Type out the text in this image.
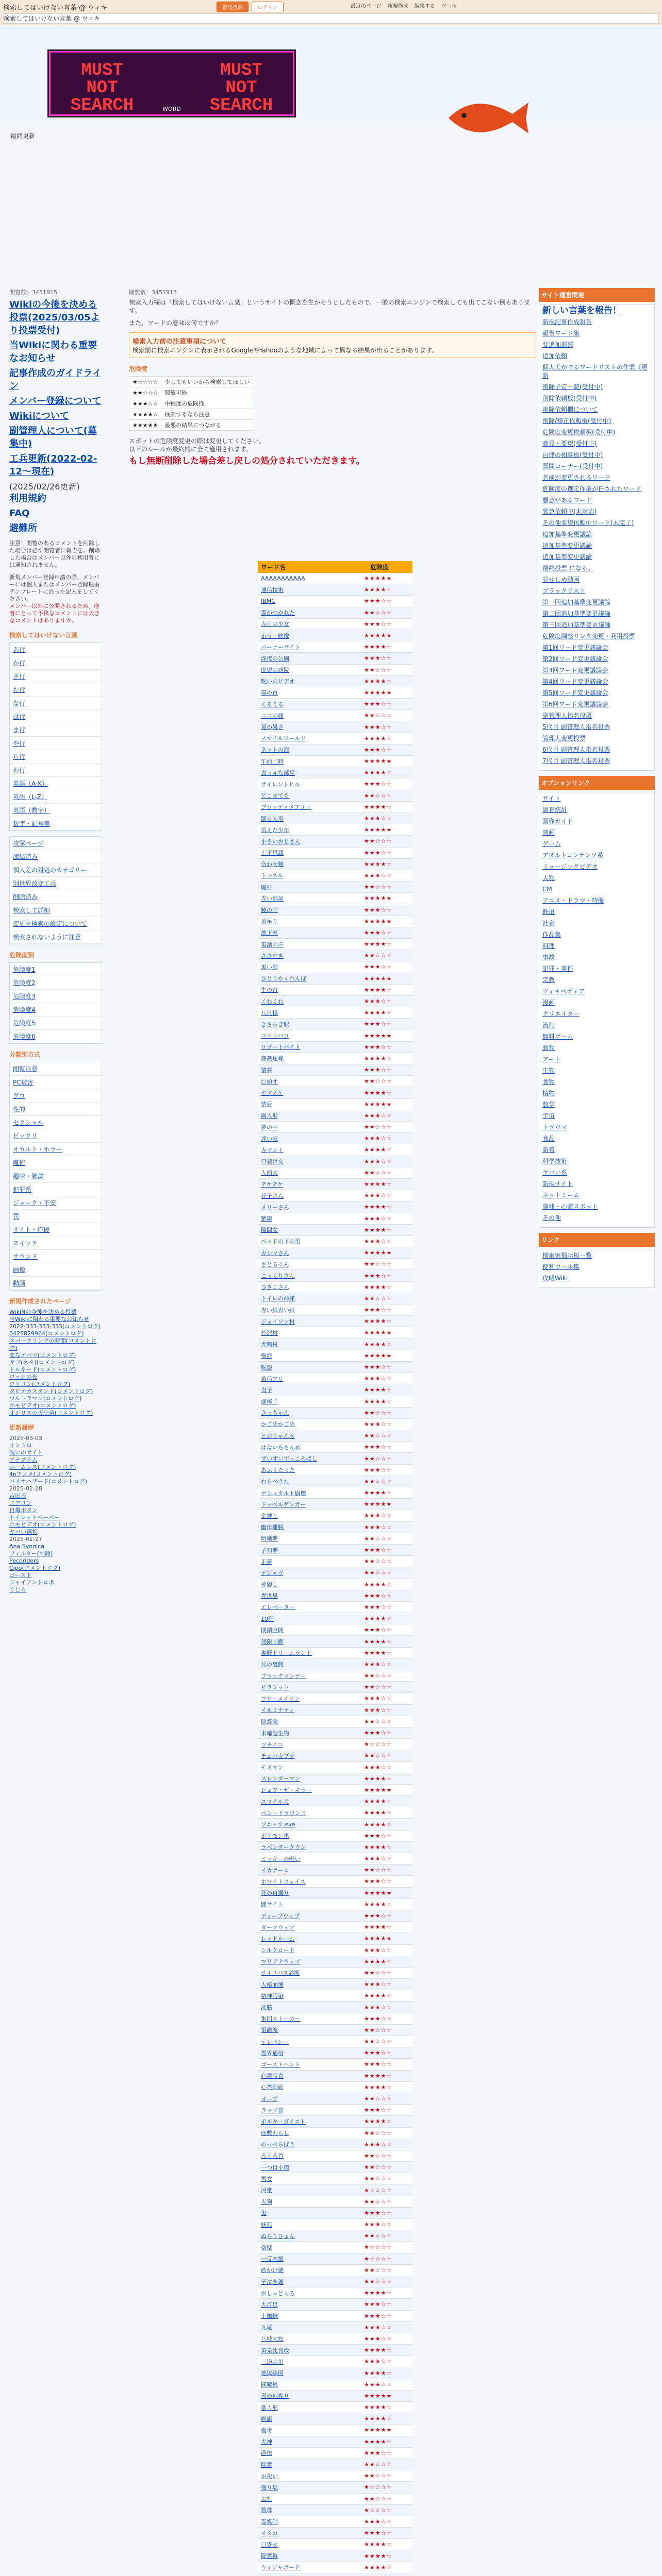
検索してはいけない言葉 @ ウィキ	新規登録	ログイン	最近のページ 新規作成 編集する ツール
検索してはいけない言葉 @ ウィキ
MUST NOT SEARCH
MUST NOT SEARCH
WORD
最終更新
閲覧数：3451915
Wikiの今後を決める投票(2025/03/05より投票受付)
当Wikiに関わる重要なお知らせ
記事作成のガイドライン
メンバー登録について
Wikiについて
副管理人について(募集中)
工兵更新(2022-02-12～現在)
(2025/02/26更新)
利用規約
FAQ
避難所
注意！閲覧のあるコメントを削除した場合は必ず閲覧者に報告を。削除した場合はメンバー以外の利用者には通知されません。
新規メンバー登録申請の際、メンバーには個人またはメンバー登録理由テンプレートに沿った記入をしてください。
メンバー以外に公開されるため、他者にとって不快なコメントには大きなコメントはありますか。
検索してはいけない言葉
あ行
か行
さ行
た行
な行
は行
ま行
や行
ら行
わ行
英語（A-K）
英語（L-Z）
英語（数字）
数字・記号等
攻撃ページ
凍結済み
個人差の対処のカテゴリー
別世界改変工兵
削除済み
検索して詳細
変更を検索の設定について
検索されないように注意
危険度別
危険度1
危険度2
危険度3
危険度4
危険度5
危険度6
分類別方式
閲覧注意
PC被害
グロ
性的
セクシャル
ビックリ
オカルト・ホラー
魔術
趣味・雑談
犯罪系
ジョーク・不安
罠
サイト・応援
スイッチ
サウンド
画像
動画
新規作成されたページ
WikiNの今後を決める投票
当Wikiに関わる重要なお知らせ
2022-333-333-333(コメントログ)
0425829964(コメントログ)
スパークリングの時間(コメントログ)
変なオバマ(コメントログ)
サブ(ネタ)(コメントログ)
トルネード(コメントログ)
ロッシの夜
ロリコン(コメントログ)
タピオカスタンド(コメントログ)
ウルトラマン(コメントログ)
ホモビデオ(コメントログ)
オシリスの天空竜(コメントログ)
更新履歴
2025-03-03
イントロ
呪いのサイト
アナグラム
ホームレス(コメントログ)
4nアニメ(コメントログ)
バイオハザード(コメントログ)
2025-02-28
吉田氏
エアコン
自爆ボタン
トイレットペーパー
ホモビデオ(コメントログ)
ヤバい選択
2025-02-27
Ana Synnica
フィルター(削除)
Pecoriders
Cipo(コメントログ)
ゴースト
ジャイアントロボ
くじら
閲覧数：3451915

検索入力欄は「検索してはいけない言葉」というサイトの概念を生かそうとしたもので、一般の検索エンジンで検索しても出てこない例もあります。

また、ワードの意味は何ですか？

検索入力前の注意事項について
検索前に検索エンジンに表示されるGoogleやYahooのような地域によって異なる結果が出ることがあります。
危険度
★☆☆☆☆	少しでもいいから検索してほしい
★★☆☆☆	閲覧可能
★★★☆☆	中程度の危険性
★★★★☆	検索するなら注意
★★★★★	最悪の結果につながる
スポットの危険度変更の際は変更してください。
以下のルールが最終的に全て適用されます。
もし無断削除した場合差し戻しの処分されていただきます。
ワード名	危険度
AAAAAAAAAAA	★★★★★
通信技術	★★★★☆
IBMC	★★★☆☆
霊がつかれた	★★☆☆☆
赤目の少女	★★★☆☆
ホラー映像	★★★★★
バーナーサイト	★★★★☆
深夜の公園	★★★☆☆
廃墟の病院	★★☆☆☆
呪いのビデオ	★★★★☆
猫の首	★★★★★
くるくる	★★★☆☆
ニコの顔	★★☆☆☆
夏の暑さ	★★★☆☆
スマイルワールド	★★★★☆
ネットの海	★★★☆☆
午前二時	★★★★★
真っ赤な部屋	★★★★☆
サイレントヒル	★★★☆☆
どこまでも	★★☆☆☆
ブラッディメアリー	★★★★☆
踊る人形	★★★☆☆
消えた少年	★★★★★
小さいおじさん	★★☆☆☆
七不思議	★★★☆☆
合わせ鏡	★★★★☆
トンネル	★★★☆☆
廃村	★★☆☆☆
赤い部屋	★★★★★
鏡の中	★★★☆☆
首吊り	★★★★★
地下室	★★★☆☆
電話の声	★★★★☆
ささやき	★★☆☆☆
黒い影	★★★☆☆
ひとりかくれんぼ	★★★★★
牛の首	★★★★☆
くねくね	★★★☆☆
八尺様	★★★★☆
きさらぎ駅	★★★☆☆
コトリバコ	★★★★★
リゾートバイト	★★★☆☆
姦姦蛇螺	★★★★☆
猿夢	★★★☆☆
巨頭オ	★★☆☆☆
ヤマノケ	★★★★☆
禁后	★★★★★
渦人形	★★★☆☆
夢の中	★★☆☆☆
迷い家	★★★☆☆
赤マント	★★★★☆
口裂け女	★★★☆☆
人面犬	★★☆☆☆
テケテケ	★★★★☆
花子さん	★★★☆☆
メリーさん	★★★★☆
紫鏡	★★★☆☆
隙間女	★★★★☆
ベッドの下の男	★★★☆☆
カシマさん	★★★★★
さとるくん	★★☆☆☆
こっくりさん	★★★☆☆
ひきこさん	★★★★☆
トイレの神様	★★☆☆☆
赤い紙青い紙	★★★☆☆
ジェイソン村	★★★★☆
杉沢村	★★★★★
犬鳴村	★★★★☆
樹海	★★★★★
呪怨	★★★☆☆
着信アリ	★★★☆☆
貞子	★★★★☆
伽椰子	★★★★☆
さっちゃん	★★☆☆☆
かごめかごめ	★★★☆☆
とおりゃんせ	★★☆☆☆
はないちもんめ	★★★☆☆
ずいずいずっころばし	★★☆☆☆
あぶくたった	★★★☆☆
わらべうた	★★☆☆☆
ゲシュタルト崩壊	★★★★☆
ドッペルゲンガー	★★★★★
金縛り	★★★☆☆
幽体離脱	★★★☆☆
明晰夢	★★☆☆☆
予知夢	★★★☆☆
正夢	★★☆☆☆
デジャヴ	★★☆☆☆
神隠し	★★★★☆
異世界	★★★☆☆
エレベーター	★★★☆☆
10階	★★★★☆
閉鎖空間	★★★☆☆
無限回廊	★★★★☆
裏野ドリームランド	★★★★☆
月の裏側	★★★☆☆
ブラックマンデー	★★☆☆☆
ピラミッド	★★☆☆☆
フリーメイソン	★★★☆☆
イルミナティ	★★★☆☆
陰謀論	★★☆☆☆
未確認生物	★★★☆☆
ツチノコ	★☆☆☆☆
チュパカブラ	★★☆☆☆
モスマン	★★★☆☆
スレンダーマン	★★★★☆
ジェフ・ザ・キラー	★★★★★
スマイル犬	★★★★☆
ベン・ドラウンド	★★★★☆
ソニック.exe	★★★★☆
ポケモン黒	★★★☆☆
ラベンダータウン	★★★★☆
ミッキーの呪い	★★★☆☆
イカゲーム	★★☆☆☆
ホワイトフェイス	★★★☆☆
死の自撮り	★★★★★
闇サイト	★★★★☆
ディープウェブ	★★★☆☆
ダークウェブ	★★★★☆
レッドルーム	★★★★★
シルクロード	★★★☆☆
マリアナウェブ	★★★★☆
サイコパス診断	★★☆☆☆
人格崩壊	★★★☆☆
精神汚染	★★★★☆
洗脳	★★★☆☆
集団ストーカー	★★★☆☆
電磁波	★★☆☆☆
テレパシー	★★☆☆☆
霊界通信	★★★☆☆
ゴーストハント	★★★☆☆
心霊写真	★★★★☆
心霊動画	★★★★☆
オーブ	★★☆☆☆
ラップ音	★★★☆☆
ポルターガイスト	★★★★☆
座敷わらし	★★☆☆☆
のっぺらぼう	★★★☆☆
ろくろ首	★★☆☆☆
一つ目小僧	★★☆☆☆
雪女	★★☆☆☆
河童	★☆☆☆☆
天狗	★★☆☆☆
鬼	★★★☆☆
妖狐	★★★☆☆
ぬらりひょん	★★☆☆☆
塗壁	★☆☆☆☆
一反木綿	★☆☆☆☆
砂かけ婆	★★☆☆☆
子泣き爺	★★☆☆☆
がしゃどくろ	★★★★☆
大百足	★★★☆☆
土蜘蛛	★★★☆☆
九尾	★★★☆☆
八岐大蛇	★★★☆☆
黄泉比良坂	★★★★☆
三途の川	★★★☆☆
地獄絵図	★★★★☆
閻魔帳	★★★☆☆
丑の刻参り	★★★★★
藁人形	★★★★☆
呪詛	★★★★☆
蠱毒	★★★★★
犬神	★★★★☆
憑依	★★★☆☆
除霊	★★☆☆☆
お祓い	★★☆☆☆
盛り塩	★☆☆☆☆
お札	★★☆☆☆
数珠	★☆☆☆☆
霊媒師	★★★☆☆
イタコ	★★★☆☆
口寄せ	★★★★☆
降霊術	★★★★☆
ウィジャボード	★★★★☆
サイト運営関連
新しい言葉を報告！
新規記事作成報告
報告ワード集
要追加部部
追加依頼
個人差がでるワードリストの作業（更新
削除予定一覧(受付中)
削除依頼板(受付中)
削除依頼欄について
削除/修正依頼板(受付中)
危険度変更依頼板(受付中)
意見・要望(受付中)
自律の相談板(受付中)
質問コーナー(受付中)
名前が変更されるワード
危険度の選定作業が任されたワード
悪意があるワード
緊急依頼中(未対応)
その他要望依頼中ワード(未完了)
追加基準変更議論
追加基準変更議論
追加基準変更議論
最終投票 になる。
見せしめ動画
ブラックリスト
第一回追加基準変更議論
第二回追加基準変更議論
第三回追加基準変更議論
危険度調整リンク変更・利用投票
第1回ワード変更議論会
第2回ワード変更議論会
第3回ワード変更議論会
第4回ワード変更議論会
第5回ワード変更議論会
第6回ワード変更議論会
副管理人指名投票
5代目 副管理人指名投票
管理人変更投票
6代目 副管理人指名投票
7代目 副管理人指名投票
オプションリンク
サイト
調査統計
画像ガイド
映画
ゲーム
アダルトコンテンツ系
ミュージックビデオ
人物
CM
アニメ・ドラマ・特撮
鉄道
社会
作品集
料理
事故
犯罪・事件
宗教
ウィキペディア
漫画
クリエイター
流行
無料ゲーム
動物
アート
生物
食物
植物
数学
宇宙
トラウマ
食品
新着
科学技術
ヤバい系
新規サイト
ネットミーム
廃墟・心霊スポット
その他
リンク
検索家掲示板一覧
便利ツール集
攻略Wiki
